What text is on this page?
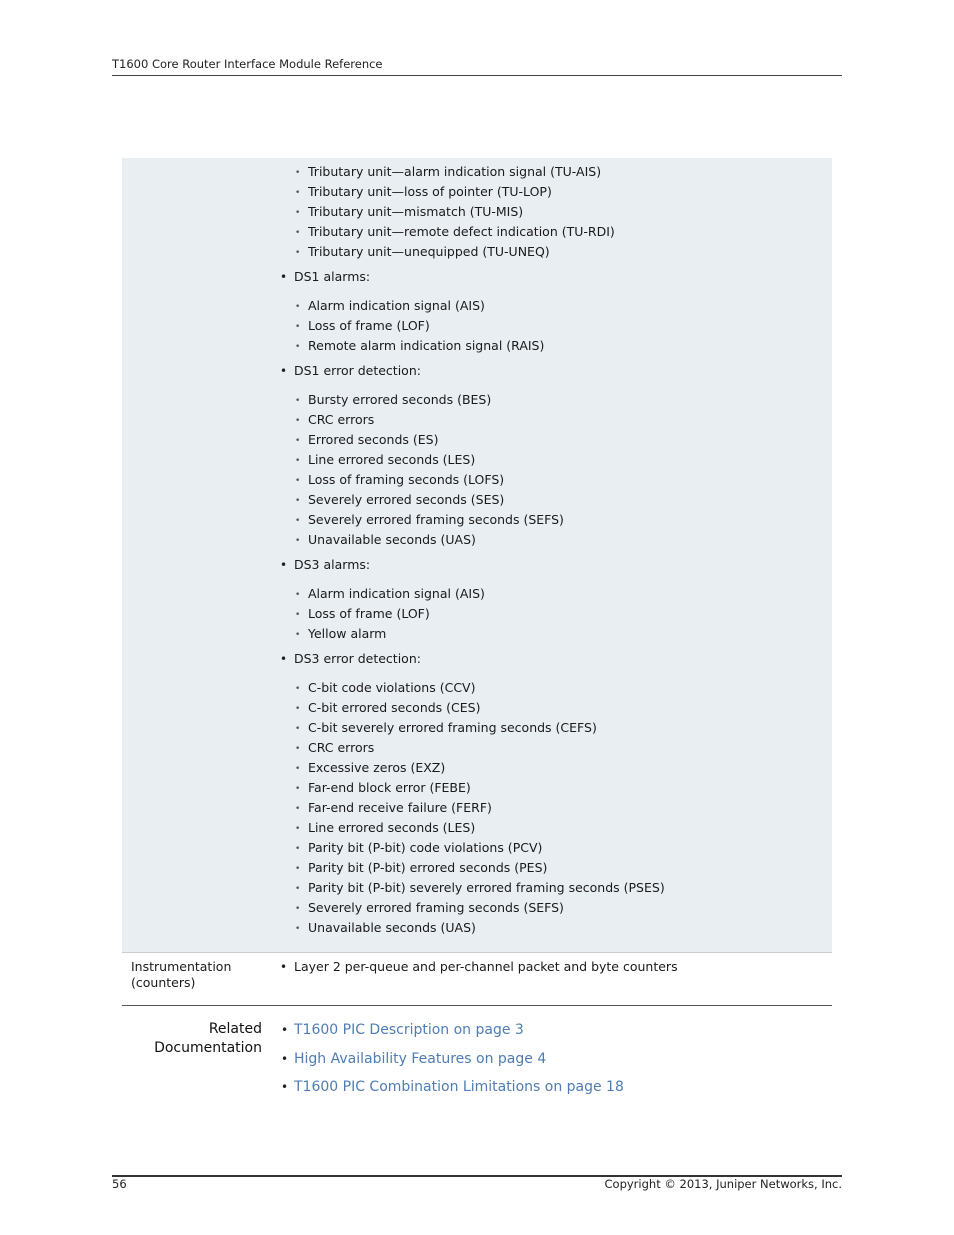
T1600 Core Router Interface Module Reference
• Tributary unit—alarm indication signal (TU-AIS)
• Tributary unit—loss of pointer (TU-LOP)
• Tributary unit—mismatch (TU-MIS)
• Tributary unit—remote defect indication (TU-RDI)
• Tributary unit—unequipped (TU-UNEQ)
• DS1 alarms:
• Alarm indication signal (AIS)
• Loss of frame (LOF)
• Remote alarm indication signal (RAIS)
• DS1 error detection:
• Bursty errored seconds (BES)
• CRC errors
• Errored seconds (ES)
• Line errored seconds (LES)
• Loss of framing seconds (LOFS)
• Severely errored seconds (SES)
• Severely errored framing seconds (SEFS)
• Unavailable seconds (UAS)
• DS3 alarms:
• Alarm indication signal (AIS)
• Loss of frame (LOF)
• Yellow alarm
• DS3 error detection:
• C-bit code violations (CCV)
• C-bit errored seconds (CES)
• C-bit severely errored framing seconds (CEFS)
• CRC errors
• Excessive zeros (EXZ)
• Far-end block error (FEBE)
• Far-end receive failure (FERF)
• Line errored seconds (LES)
• Parity bit (P-bit) code violations (PCV)
• Parity bit (P-bit) errored seconds (PES)
• Parity bit (P-bit) severely errored framing seconds (PSES)
• Severely errored framing seconds (SEFS)
• Unavailable seconds (UAS)
Instrumentation (counters)
• Layer 2 per-queue and per-channel packet and byte counters
Related
Documentation
• T1600 PIC Description on page 3
• High Availability Features on page 4
• T1600 PIC Combination Limitations on page 18
56	Copyright © 2013, Juniper Networks, Inc.
